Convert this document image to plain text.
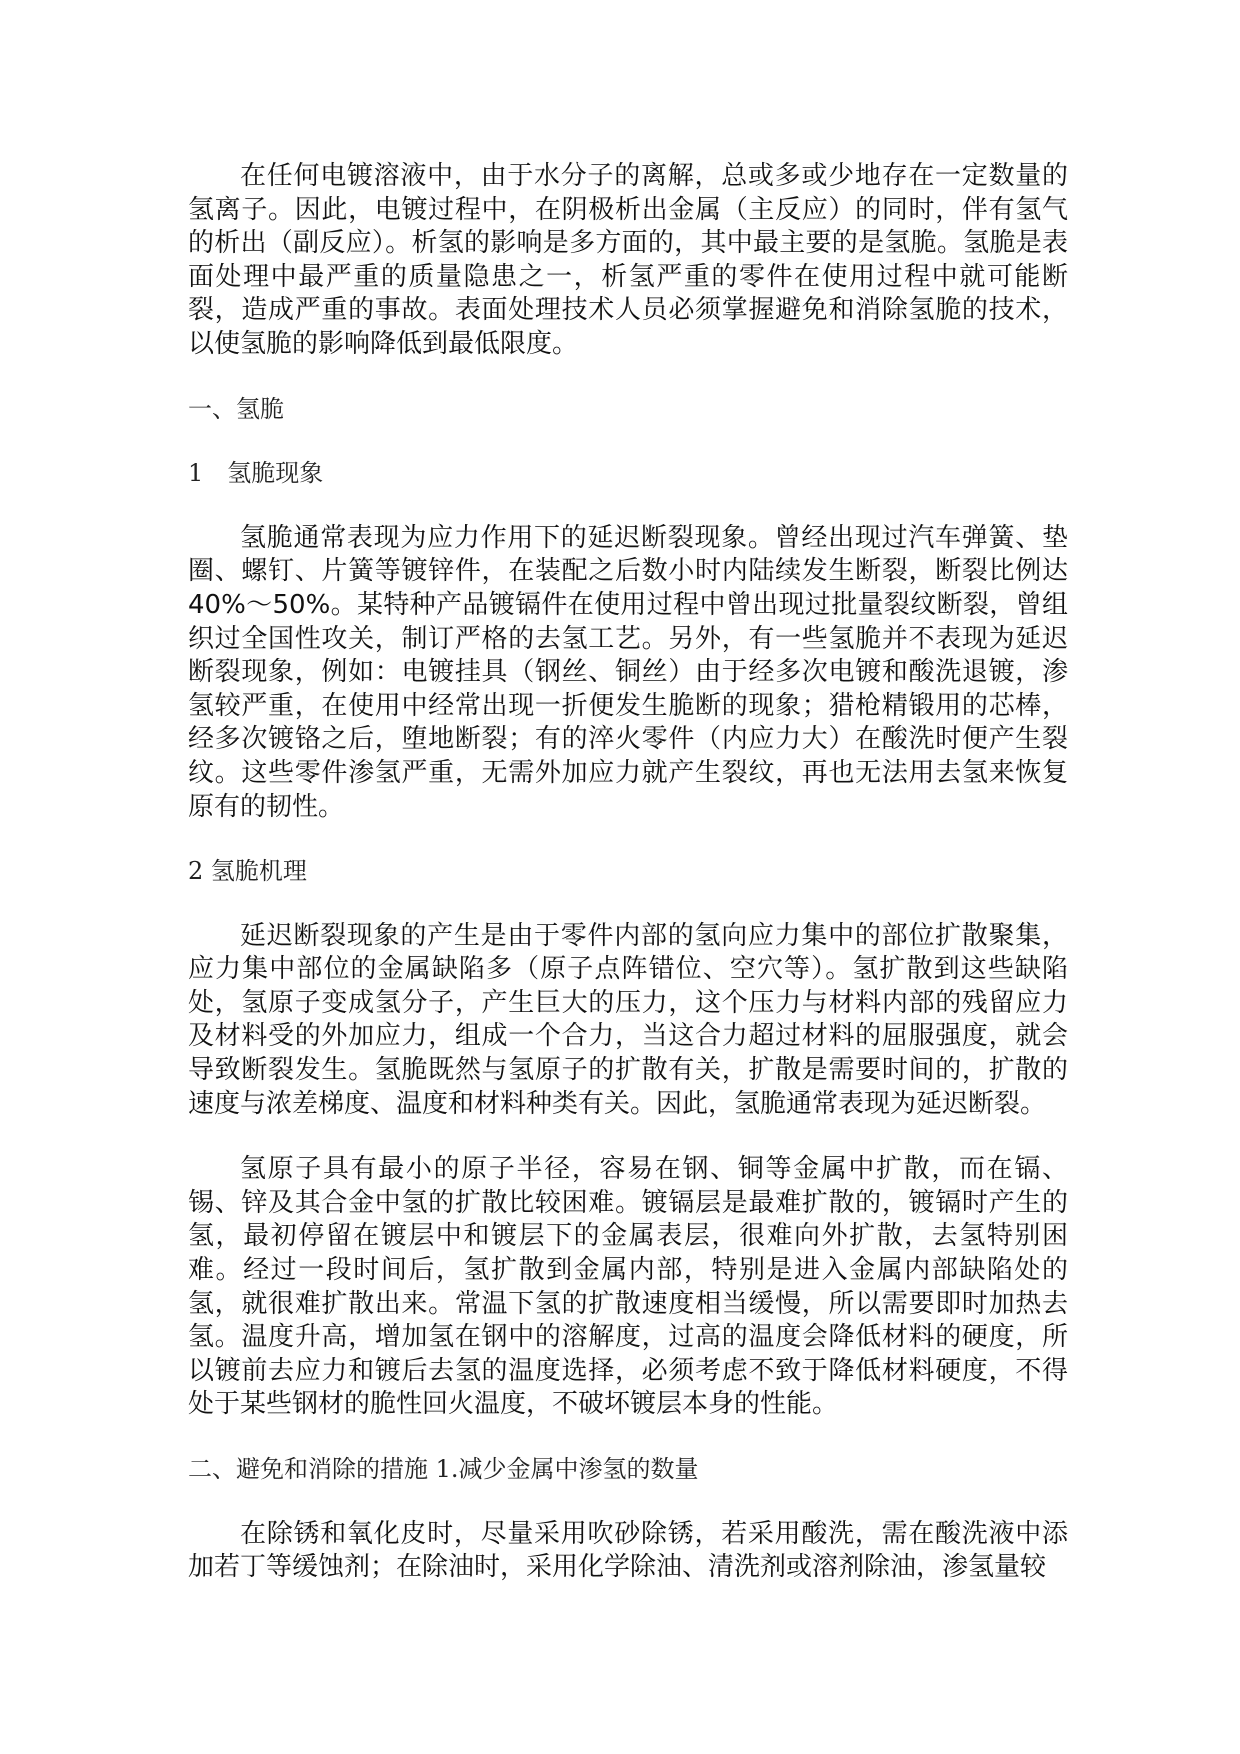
在任何电镀溶液中，由于水分子的离解，总或多或少地存在一定数量的氢离子。因此，电镀过程中，在阴极析出金属（主反应）的同时，伴有氢气的析出（副反应）。析氢的影响是多方面的，其中最主要的是氢脆。氢脆是表面处理中最严重的质量隐患之一，析氢严重的零件在使用过程中就可能断裂，造成严重的事故。表面处理技术人员必须掌握避免和消除氢脆的技术，以使氢脆的影响降低到最低限度。

一、氢脆

1　氢脆现象

氢脆通常表现为应力作用下的延迟断裂现象。曾经出现过汽车弹簧、垫圈、螺钉、片簧等镀锌件，在装配之后数小时内陆续发生断裂，断裂比例达40%～50%。某特种产品镀镉件在使用过程中曾出现过批量裂纹断裂，曾组织过全国性攻关，制订严格的去氢工艺。另外，有一些氢脆并不表现为延迟断裂现象，例如：电镀挂具（钢丝、铜丝）由于经多次电镀和酸洗退镀，渗氢较严重，在使用中经常出现一折便发生脆断的现象；猎枪精锻用的芯棒，经多次镀铬之后，堕地断裂；有的淬火零件（内应力大）在酸洗时便产生裂纹。这些零件渗氢严重，无需外加应力就产生裂纹，再也无法用去氢来恢复原有的韧性。

2 氢脆机理

延迟断裂现象的产生是由于零件内部的氢向应力集中的部位扩散聚集，应力集中部位的金属缺陷多（原子点阵错位、空穴等）。氢扩散到这些缺陷处，氢原子变成氢分子，产生巨大的压力，这个压力与材料内部的残留应力及材料受的外加应力，组成一个合力，当这合力超过材料的屈服强度，就会导致断裂发生。氢脆既然与氢原子的扩散有关，扩散是需要时间的，扩散的速度与浓差梯度、温度和材料种类有关。因此，氢脆通常表现为延迟断裂。

氢原子具有最小的原子半径，容易在钢、铜等金属中扩散，而在镉、锡、锌及其合金中氢的扩散比较困难。镀镉层是最难扩散的，镀镉时产生的氢，最初停留在镀层中和镀层下的金属表层，很难向外扩散，去氢特别困难。经过一段时间后，氢扩散到金属内部，特别是进入金属内部缺陷处的氢，就很难扩散出来。常温下氢的扩散速度相当缓慢，所以需要即时加热去氢。温度升高，增加氢在钢中的溶解度，过高的温度会降低材料的硬度，所以镀前去应力和镀后去氢的温度选择，必须考虑不致于降低材料硬度，不得处于某些钢材的脆性回火温度，不破坏镀层本身的性能。

二、避免和消除的措施 1.减少金属中渗氢的数量

在除锈和氧化皮时，尽量采用吹砂除锈，若采用酸洗，需在酸洗液中添加若丁等缓蚀剂；在除油时，采用化学除油、清洗剂或溶剂除油，渗氢量较
